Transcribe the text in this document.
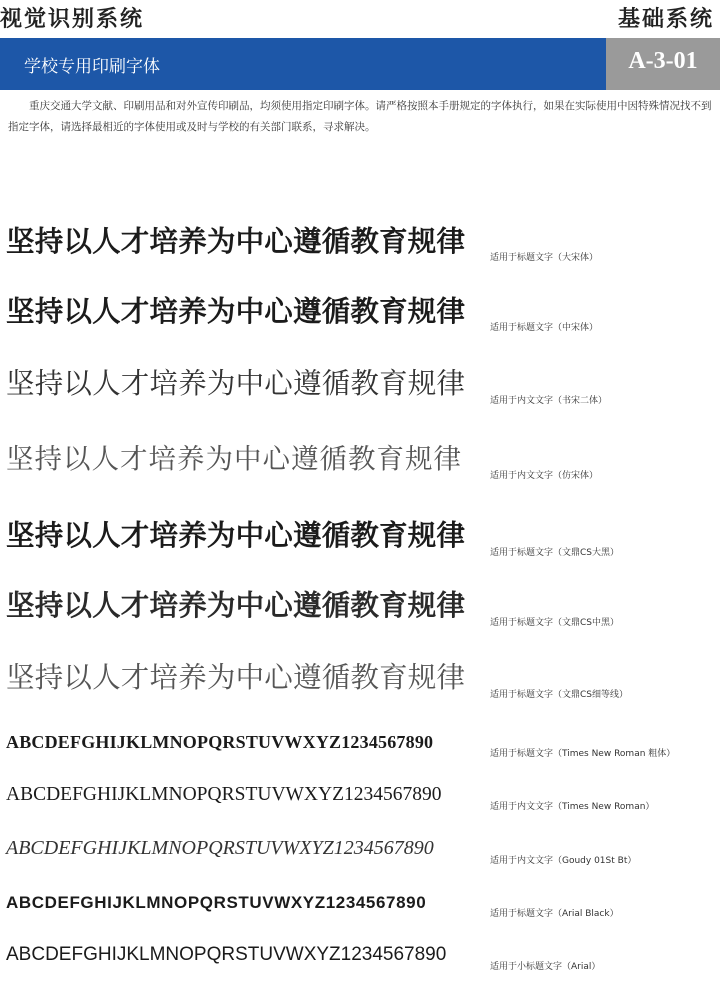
视觉识别系统	基础系统
学校专用印刷字体	A-3-01
重庆交通大学文献、印刷用品和对外宣传印刷品，均须使用指定印刷字体。请严格按照本手册规定的字体执行，如果在实际使用中因特殊情况找不到指定字体，请选择最相近的字体使用或及时与学校的有关部门联系，寻求解决。
坚持以人才培养为中心遵循教育规律
适用于标题文字（大宋体）
坚持以人才培养为中心遵循教育规律
适用于标题文字（中宋体）
坚持以人才培养为中心遵循教育规律
适用于内文文字（书宋二体）
坚持以人才培养为中心遵循教育规律
适用于内文文字（仿宋体）
坚持以人才培养为中心遵循教育规律
适用于标题文字（文鼎CS大黑）
坚持以人才培养为中心遵循教育规律
适用于标题文字（文鼎CS中黑）
坚持以人才培养为中心遵循教育规律
适用于标题文字（文鼎CS细等线）
ABCDEFGHIJKLMNOPQRSTUVWXYZ1234567890
适用于标题文字（Times New Roman 粗体）
ABCDEFGHIJKLMNOPQRSTUVWXYZ1234567890
适用于内文文字（Times New Roman）
ABCDEFGHIJKLMNOPQRSTUVWXYZ1234567890
适用于内文文字（Goudy 01St Bt）
ABCDEFGHIJKLMNOPQRSTUVWXYZ1234567890
适用于标题文字（Arial Black）
ABCDEFGHIJKLMNOPQRSTUVWXYZ1234567890
适用于小标题文字（Arial）
